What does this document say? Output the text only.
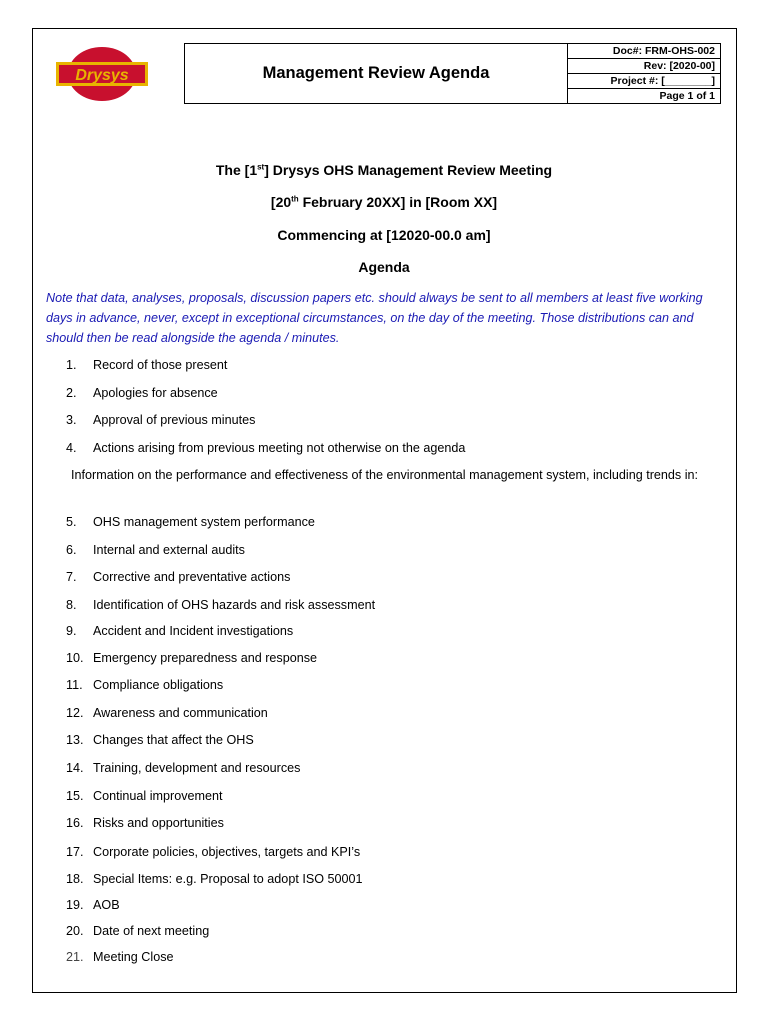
Drysys	Management Review Agenda
Doc#: FRM-OHS-002
Rev: [2020-00]
Project #: [________]
Page 1 of 1
The [1st] Drysys OHS Management Review Meeting
[20th February 20XX] in [Room XX]
Commencing at [12020-00.0 am]
Agenda
Note that data, analyses, proposals, discussion papers etc. should always be sent to all members at least five working days in advance, never, except in exceptional circumstances, on the day of the meeting. Those distributions can and should then be read alongside the agenda / minutes.
1. Record of those present
2. Apologies for absence
3. Approval of previous minutes
4. Actions arising from previous meeting not otherwise on the agenda
Information on the performance and effectiveness of the environmental management system, including trends in:
5. OHS management system performance
6. Internal and external audits
7. Corrective and preventative actions
8. Identification of OHS hazards and risk assessment
9. Accident and Incident investigations
10. Emergency preparedness and response
11. Compliance obligations
12. Awareness and communication
13. Changes that affect the OHS
14. Training, development and resources
15. Continual improvement
16. Risks and opportunities
17. Corporate policies, objectives, targets and KPI’s
18. Special Items: e.g. Proposal to adopt ISO 50001
19. AOB
20. Date of next meeting
21. Meeting Close
